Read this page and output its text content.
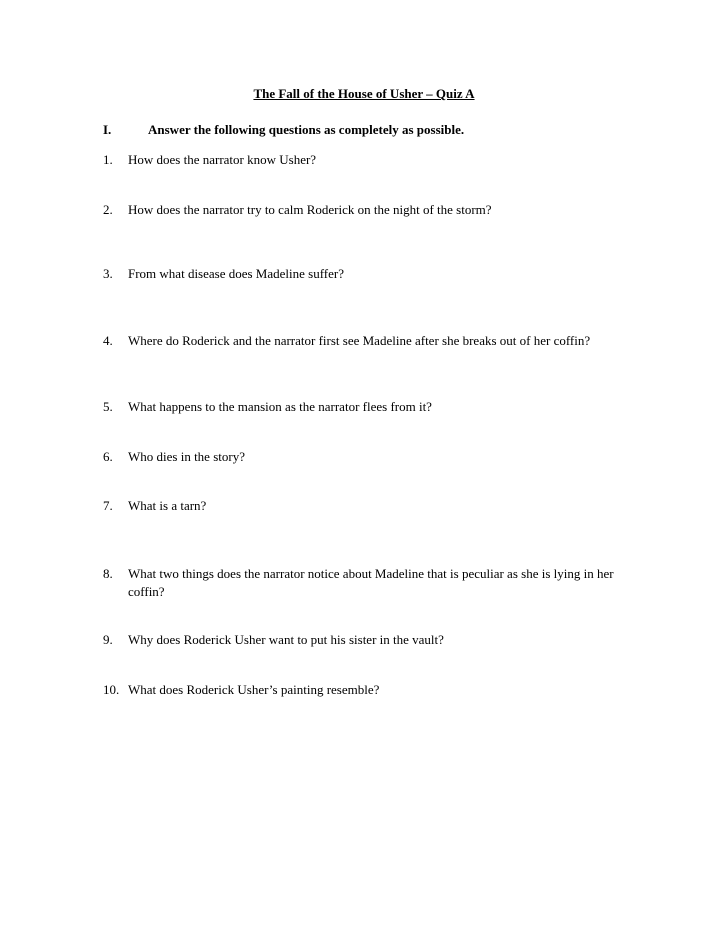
The Fall of the House of Usher – Quiz A
I.	Answer the following questions as completely as possible.
1.	How does the narrator know Usher?
2.	How does the narrator try to calm Roderick on the night of the storm?
3.	From what disease does Madeline suffer?
4.	Where do Roderick and the narrator first see Madeline after she breaks out of her coffin?
5.	What happens to the mansion as the narrator flees from it?
6.	Who dies in the story?
7.	What is a tarn?
8.	What two things does the narrator notice about Madeline that is peculiar as she is lying in her coffin?
9.	Why does Roderick Usher want to put his sister in the vault?
10. What does Roderick Usher’s painting resemble?
